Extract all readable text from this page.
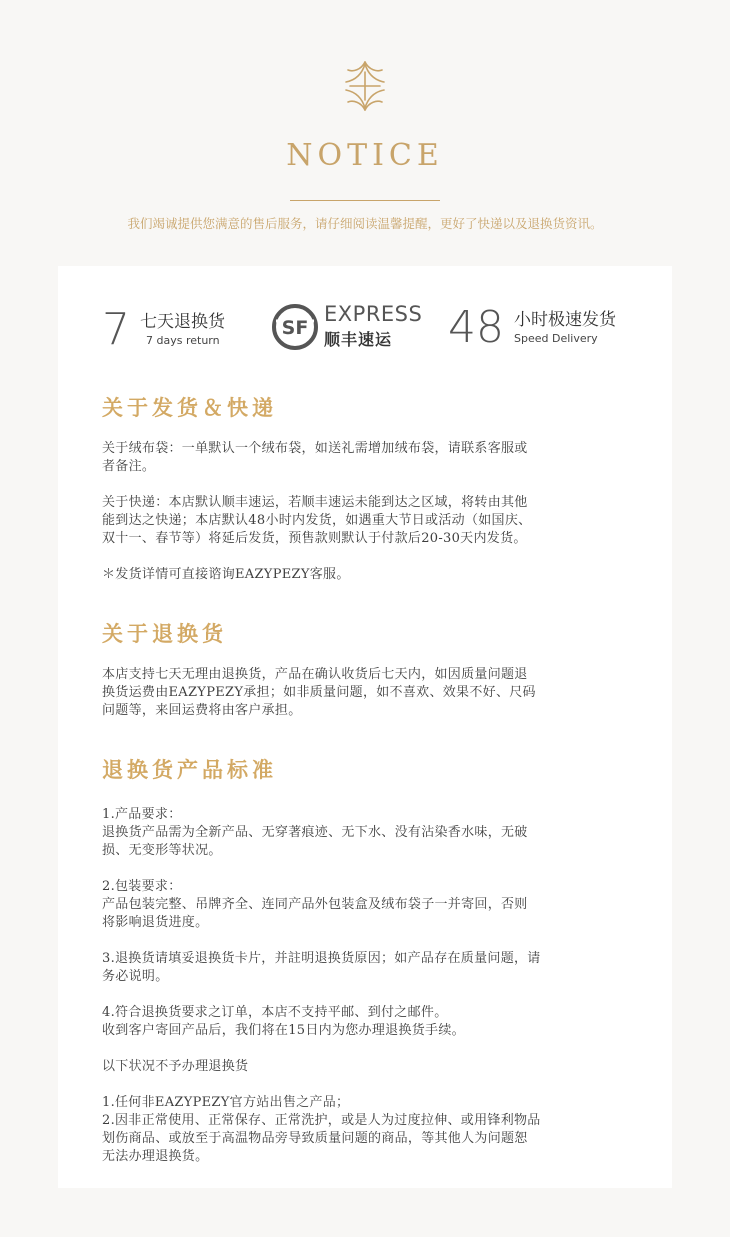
NOTICE
我们竭诚提供您满意的售后服务，请仔细阅读温馨提醒，更好了快递以及退换货资讯。
7 七天退换货
7 days return
SF
EXPRESS
顺丰速运	48 小时极速发货
Speed Delivery
关于发货＆快递

关于绒布袋：一单默认一个绒布袋，如送礼需增加绒布袋，请联系客服或

者备注。

关于快递：本店默认顺丰速运，若顺丰速运未能到达之区域，将转由其他

能到达之快递；本店默认48小时内发货，如遇重大节日或活动（如国庆、

双十一、春节等）将延后发货，预售款则默认于付款后20-30天内发货。

＊发货详情可直接谘询EAZYPEZY客服。

关于退换货

本店支持七天无理由退换货，产品在确认收货后七天内，如因质量问题退

换货运费由EAZYPEZY承担；如非质量问题，如不喜欢、效果不好、尺码

问题等，来回运费将由客户承担。

退换货产品标准

1.产品要求：

退换货产品需为全新产品、无穿著痕迹、无下水、没有沾染香水味，无破

损、无变形等状况。

2.包装要求：

产品包装完整、吊牌齐全、连同产品外包装盒及绒布袋子一并寄回，否则

将影响退货进度。

3.退换货请填妥退换货卡片，并註明退换货原因；如产品存在质量问题，请

务必说明。

4.符合退换货要求之订单，本店不支持平邮、到付之邮件。

收到客户寄回产品后，我们将在15日内为您办理退换货手续。

以下状况不予办理退换货

1.任何非EAZYPEZY官方站出售之产品；

2.因非正常使用、正常保存、正常洗护，或是人为过度拉伸、或用锋利物品

划伤商品、或放至于高温物品旁导致质量问题的商品，等其他人为问题恕

无法办理退换货。
